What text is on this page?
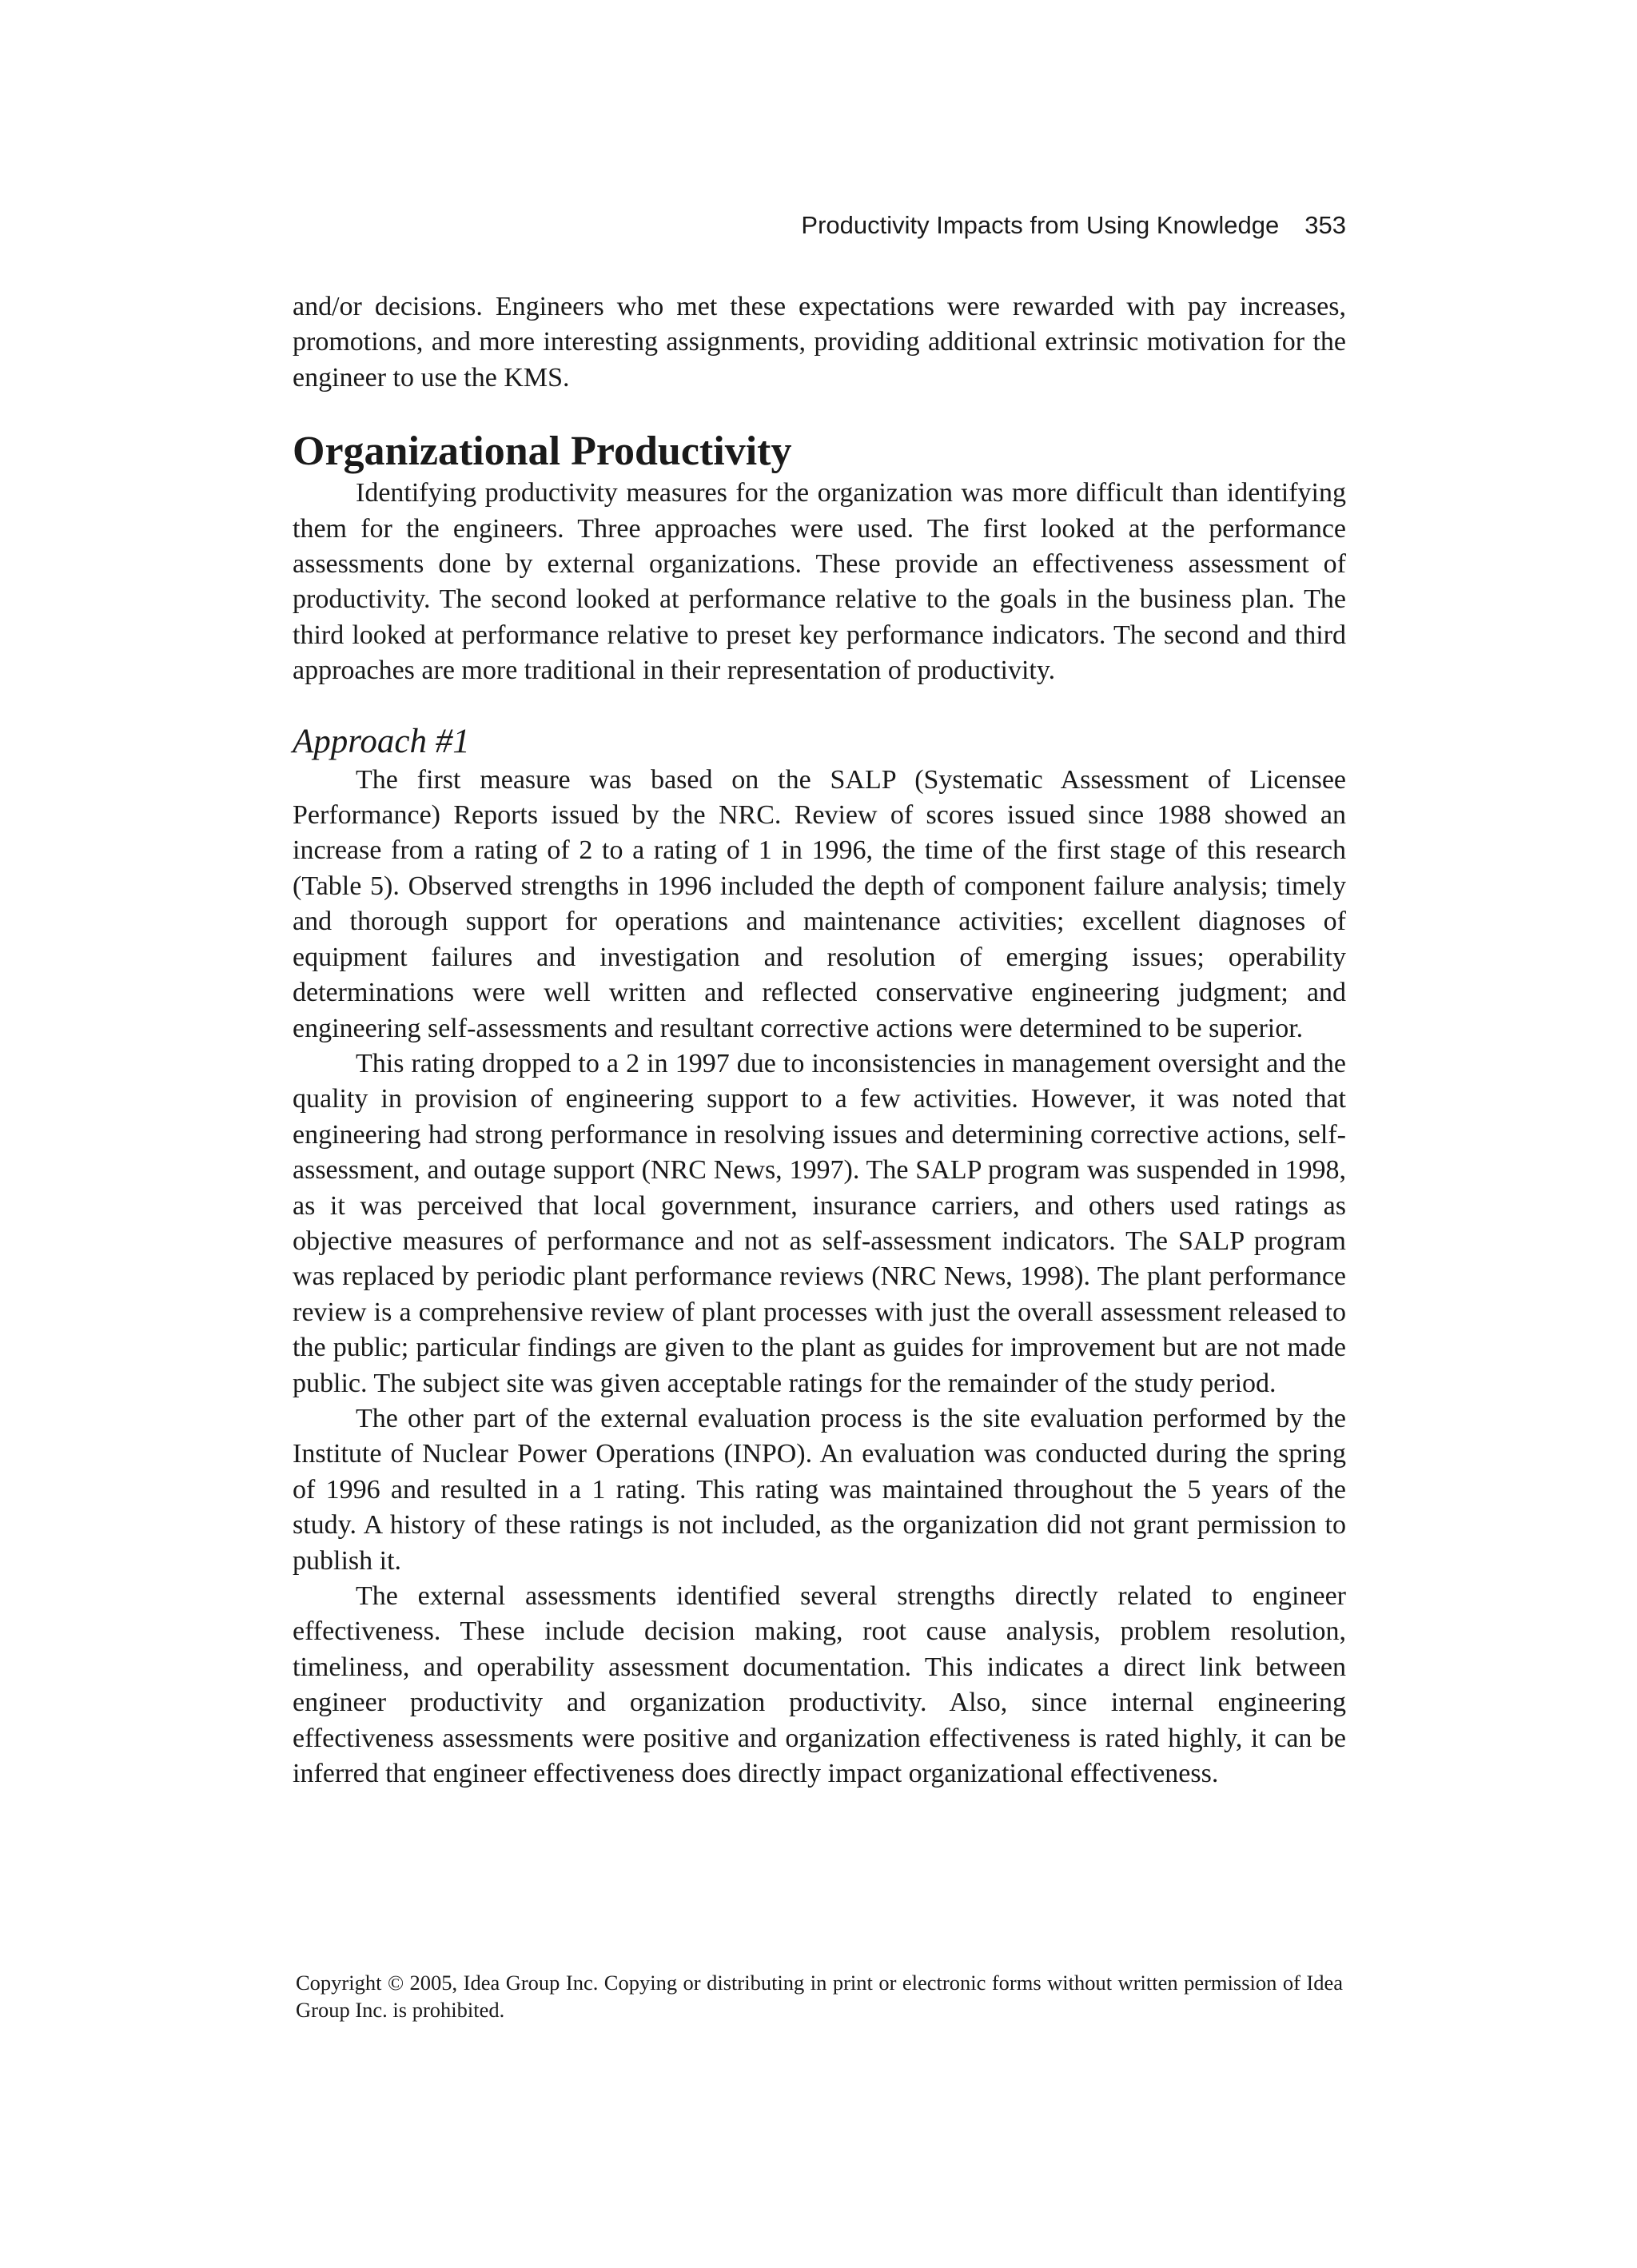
Productivity Impacts from Using Knowledge 353

and/or decisions. Engineers who met these expectations were rewarded with pay increases, promotions, and more interesting assignments, providing additional extrinsic motivation for the engineer to use the KMS.

Organizational Productivity

Identifying productivity measures for the organization was more difficult than identifying them for the engineers. Three approaches were used. The first looked at the performance assessments done by external organizations. These provide an effectiveness assessment of productivity. The second looked at performance relative to the goals in the business plan. The third looked at performance relative to preset key performance indicators. The second and third approaches are more traditional in their representation of productivity.

Approach #1

The first measure was based on the SALP (Systematic Assessment of Licensee Performance) Reports issued by the NRC. Review of scores issued since 1988 showed an increase from a rating of 2 to a rating of 1 in 1996, the time of the first stage of this research (Table 5). Observed strengths in 1996 included the depth of component failure analysis; timely and thorough support for operations and maintenance activities; excellent diagnoses of equipment failures and investigation and resolution of emerging issues; operability determinations were well written and reflected conservative engineering judgment; and engineering self-assessments and resultant corrective actions were determined to be superior.

This rating dropped to a 2 in 1997 due to inconsistencies in management oversight and the quality in provision of engineering support to a few activities. However, it was noted that engineering had strong performance in resolving issues and determining corrective actions, self-assessment, and outage support (NRC News, 1997). The SALP program was suspended in 1998, as it was perceived that local government, insurance carriers, and others used ratings as objective measures of performance and not as self-assessment indicators. The SALP program was replaced by periodic plant performance reviews (NRC News, 1998). The plant performance review is a comprehensive review of plant processes with just the overall assessment released to the public; particular findings are given to the plant as guides for improvement but are not made public. The subject site was given acceptable ratings for the remainder of the study period.

The other part of the external evaluation process is the site evaluation performed by the Institute of Nuclear Power Operations (INPO). An evaluation was conducted during the spring of 1996 and resulted in a 1 rating. This rating was maintained throughout the 5 years of the study. A history of these ratings is not included, as the organization did not grant permission to publish it.

The external assessments identified several strengths directly related to engineer effectiveness. These include decision making, root cause analysis, problem resolution, timeliness, and operability assessment documentation. This indicates a direct link between engineer productivity and organization productivity. Also, since internal engineering effectiveness assessments were positive and organization effectiveness is rated highly, it can be inferred that engineer effectiveness does directly impact organizational effectiveness.

Copyright © 2005, Idea Group Inc. Copying or distributing in print or electronic forms without written permission of Idea Group Inc. is prohibited.
